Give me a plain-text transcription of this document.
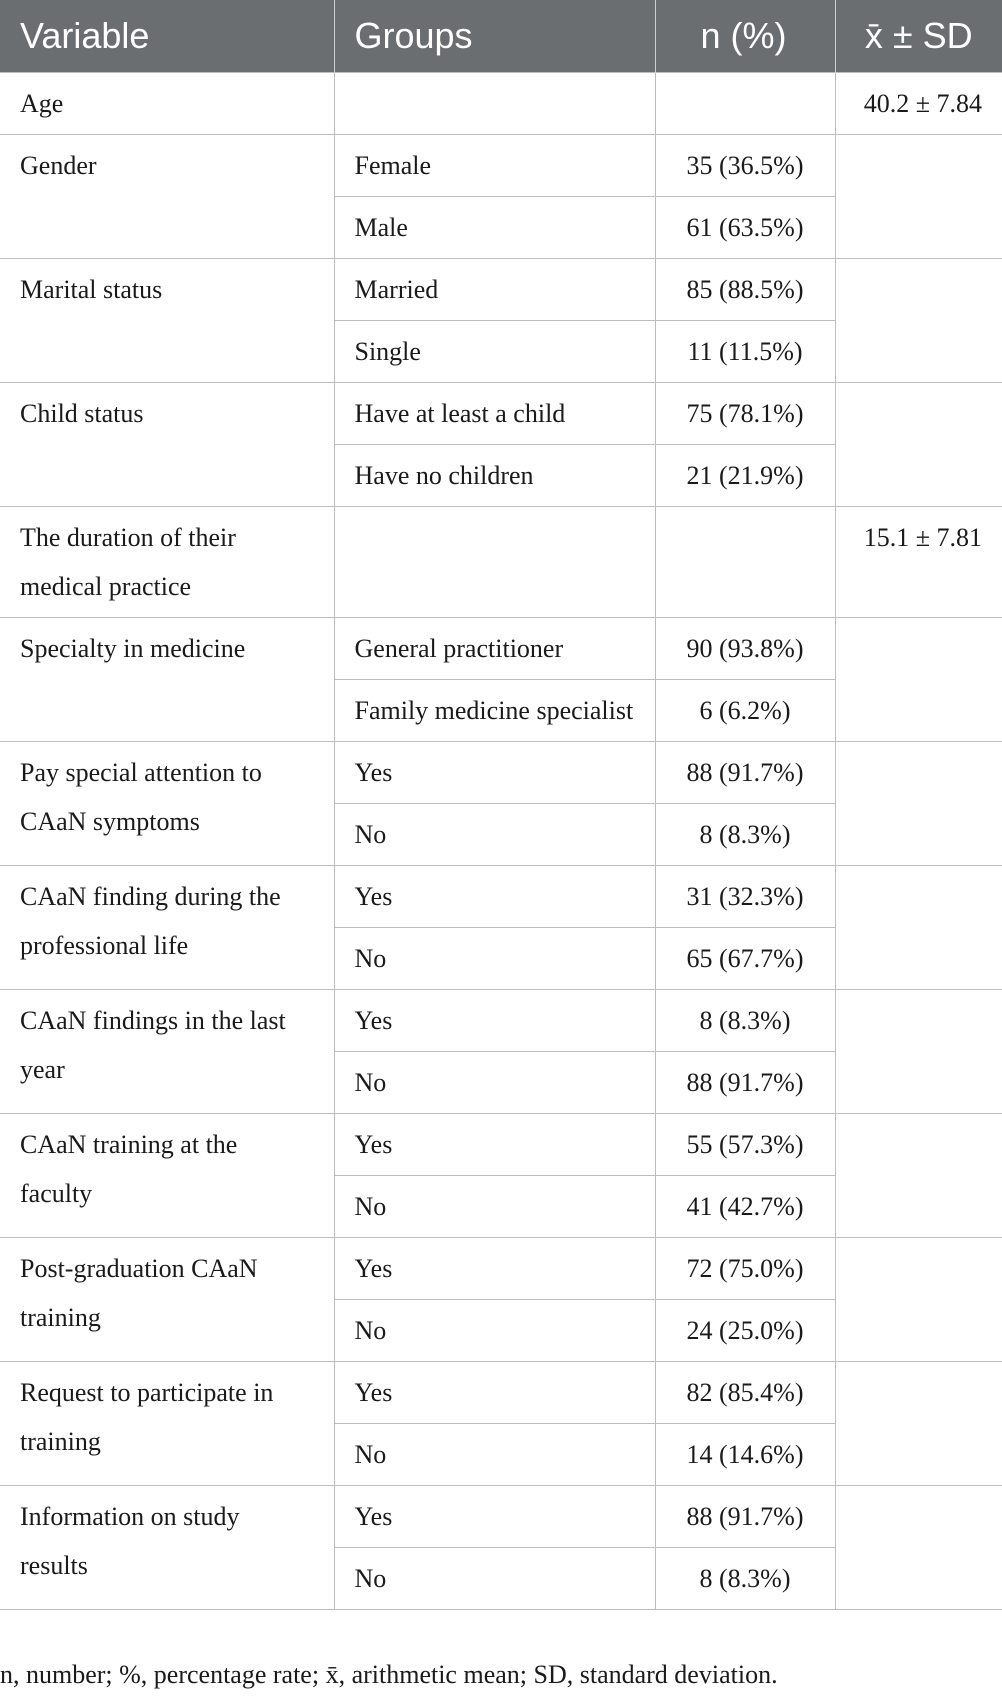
Variable	Groups	n (%)	x̄ ± SD
Age			40.2 ± 7.84
Gender	Female	35 (36.5%)	
	Male	61 (63.5%)	
Marital status	Married	85 (88.5%)	
	Single	11 (11.5%)	
Child status	Have at least a child	75 (78.1%)	
	Have no children	21 (21.9%)	
The duration of their medical practice			15.1 ± 7.81
Specialty in medicine	General practitioner	90 (93.8%)	
	Family medicine specialist	6 (6.2%)	
Pay special attention to CAaN symptoms	Yes	88 (91.7%)	
	No	8 (8.3%)	
CAaN finding during the professional life	Yes	31 (32.3%)	
	No	65 (67.7%)	
CAaN findings in the last year	Yes	8 (8.3%)	
	No	88 (91.7%)	
CAaN training at the faculty	Yes	55 (57.3%)	
	No	41 (42.7%)	
Post-graduation CAaN training	Yes	72 (75.0%)	
	No	24 (25.0%)	
Request to participate in training	Yes	82 (85.4%)	
	No	14 (14.6%)	
Information on study results	Yes	88 (91.7%)	
	No	8 (8.3%)	
n, number; %, percentage rate; x̄, arithmetic mean; SD, standard deviation.
